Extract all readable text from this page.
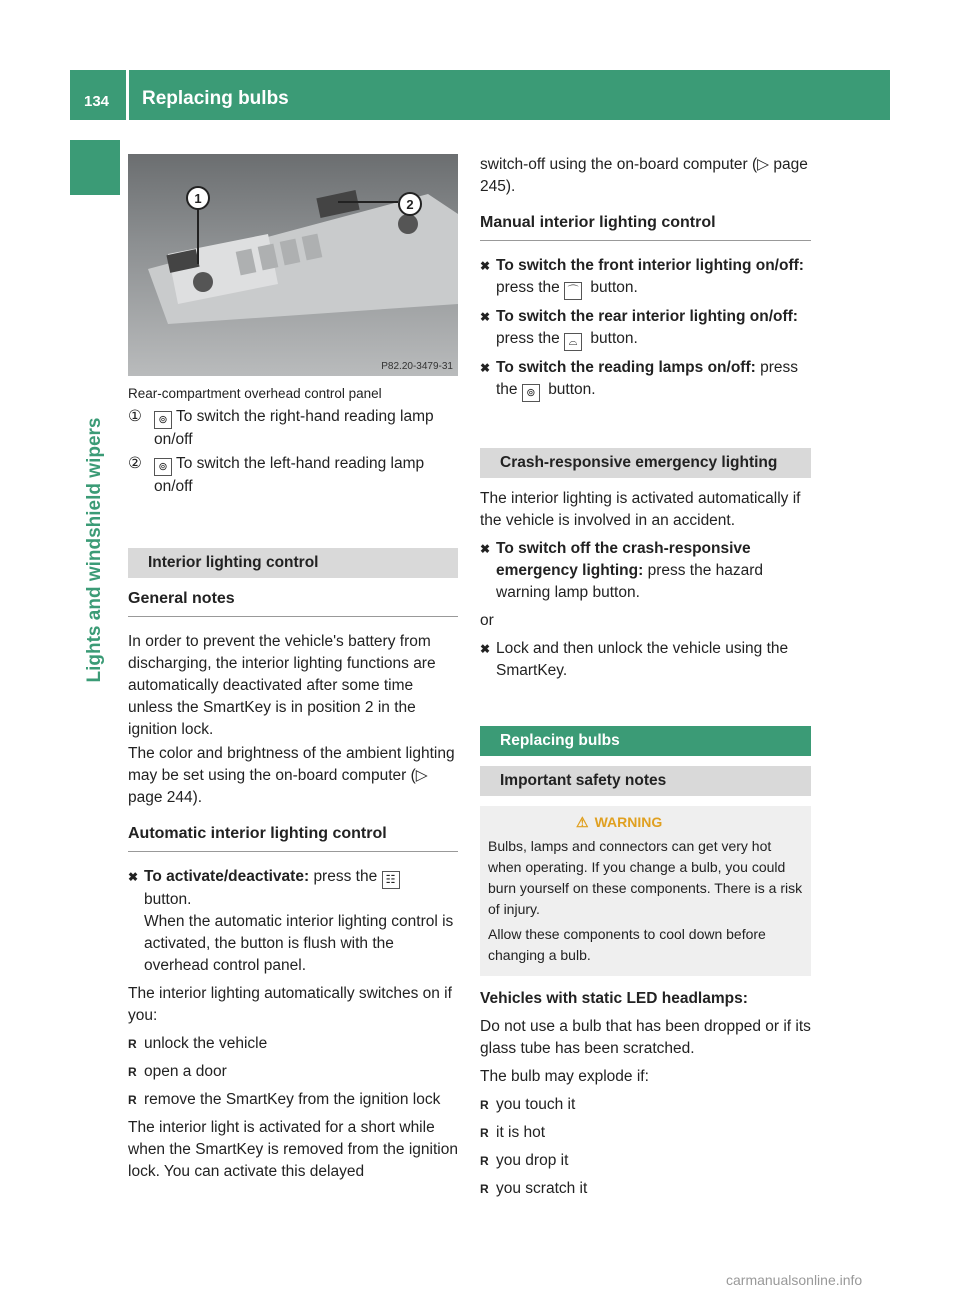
134	Replacing bulbs
Lights and windshield wipers
1	2
P82.20-3479-31
Rear-compartment overhead control panel
①	⊚ To switch the right-hand reading lamp on/off
②	⊚ To switch the left-hand reading lamp on/off
Interior lighting control
General notes

In order to prevent the vehicle's battery from discharging, the interior lighting functions are automatically deactivated after some time unless the SmartKey is in position 2 in the ignition lock.

The color and brightness of the ambient lighting may be set using the on-board computer (▷ page 244).

Automatic interior lighting control
✖ To activate/deactivate: press the ☷
button.
When the automatic interior lighting control is activated, the button is flush with the overhead control panel.

The interior lighting automatically switches on if you:

R unlock the vehicle
R open a door
R remove the SmartKey from the ignition lock

The interior light is activated for a short while when the SmartKey is removed from the ignition lock. You can activate this delayed

switch-off using the on-board computer (▷ page 245).

Manual interior lighting control
✖ To switch the front interior lighting on/off: press the ⌒ button.
✖ To switch the rear interior lighting on/off: press the ⌓ button.
✖ To switch the reading lamps on/off: press the ⊚ button.
Crash-responsive emergency lighting

The interior lighting is activated automatically if the vehicle is involved in an accident.

✖ To switch off the crash-responsive emergency lighting: press the hazard warning lamp button.

or

✖ Lock and then unlock the vehicle using the SmartKey.
Replacing bulbs
Important safety notes
⚠ WARNING

Bulbs, lamps and connectors can get very hot when operating. If you change a bulb, you could burn yourself on these components. There is a risk of injury.

Allow these components to cool down before changing a bulb.

Vehicles with static LED headlamps:

Do not use a bulb that has been dropped or if its glass tube has been scratched.

The bulb may explode if:

R you touch it
R it is hot
R you drop it
R you scratch it
carmanualsonline.info
